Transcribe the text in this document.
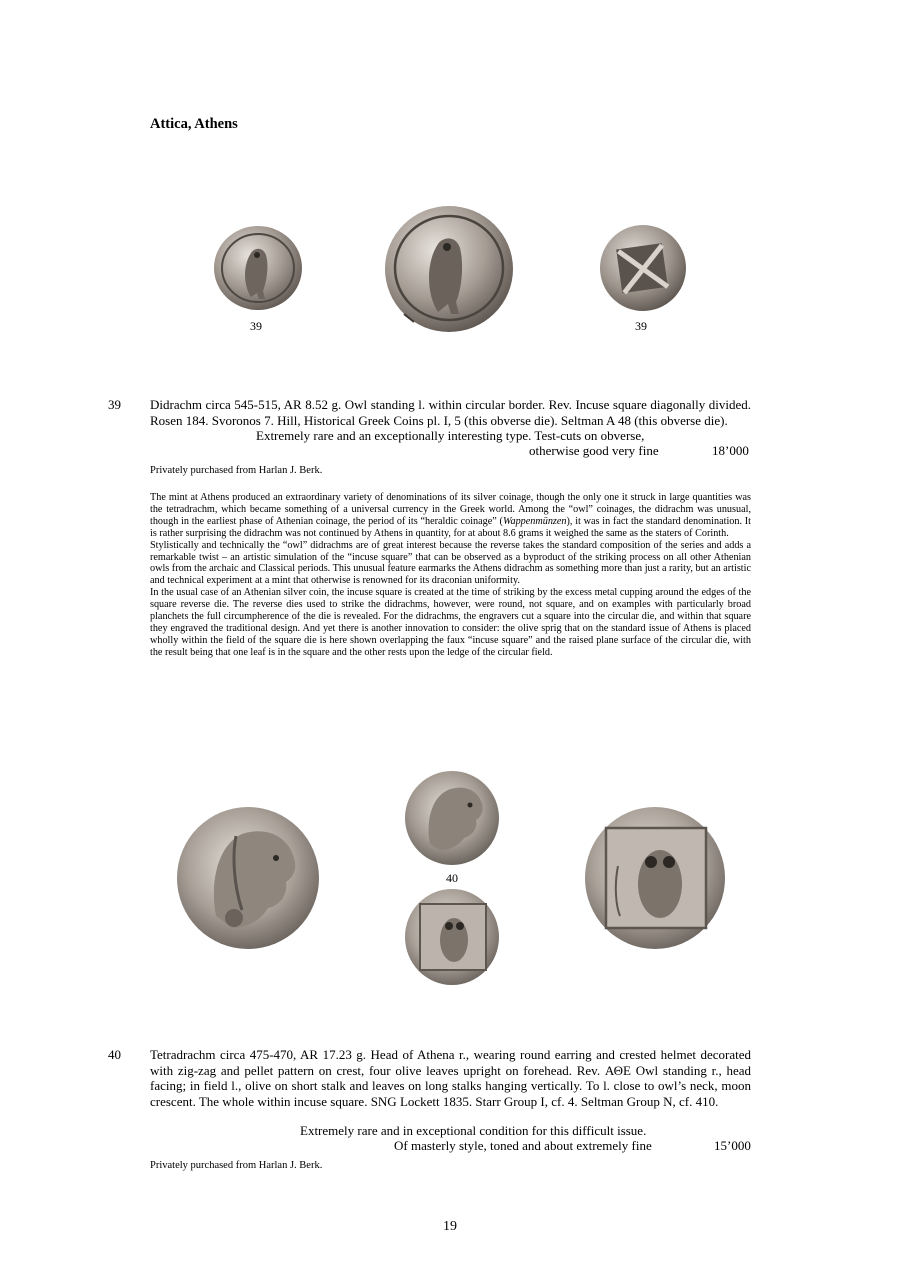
Attica, Athens
39	39
39 Didrachm circa 545-515, AR 8.52 g. Owl standing l. within circular border. Rev. Incuse square diagonally divided. Rosen 184. Svoronos 7. Hill, Historical Greek Coins pl. I, 5 (this obverse die). Seltman A 48 (this obverse die).
Extremely rare and an exceptionally interesting type. Test-cuts on obverse,
otherwise good very fine	18’000
Privately purchased from Harlan J. Berk.
The mint at Athens produced an extraordinary variety of denominations of its silver coinage, though the only one it struck in large quantities was the tetradrachm, which became something of a universal currency in the Greek world. Among the “owl” coinages, the didrachm was unusual, though in the earliest phase of Athenian coinage, the period of its “heraldic coinage” (Wappenmünzen), it was in fact the standard denomination. It is rather surprising the didrachm was not continued by Athens in quantity, for at about 8.6 grams it weighed the same as the staters of Corinth.
Stylistically and technically the “owl” didrachms are of great interest because the reverse takes the standard composition of the series and adds a remarkable twist – an artistic simulation of the “incuse square” that can be observed as a byproduct of the striking process on all other Athenian owls from the archaic and Classical periods. This unusual feature earmarks the Athens didrachm as something more than just a rarity, but an artistic and technical experiment at a mint that otherwise is renowned for its draconian uniformity.
In the usual case of an Athenian silver coin, the incuse square is created at the time of striking by the excess metal cupping around the edges of the square reverse die. The reverse dies used to strike the didrachms, however, were round, not square, and on examples with particularly broad planchets the full circumpherence of the die is revealed. For the didrachms, the engravers cut a square into the circular die, and within that square they engraved the traditional design. And yet there is another innovation to consider: the olive sprig that on the standard issue of Athens is placed wholly within the field of the square die is here shown overlapping the faux “incuse square” and the raised plane surface of the circular die, with the result being that one leaf is in the square and the other rests upon the ledge of the circular field.
40
40 Tetradrachm circa 475-470, AR 17.23 g. Head of Athena r., wearing round earring and crested helmet decorated with zig-zag and pellet pattern on crest, four olive leaves upright on forehead. Rev. ΑΘΕ Owl standing r., head facing; in field l., olive on short stalk and leaves on long stalks hanging vertically. To l. close to owl’s neck, moon crescent. The whole within incuse square. SNG Lockett 1835. Starr Group I, cf. 4. Seltman Group N, cf. 410.
Extremely rare and in exceptional condition for this difficult issue.
Of masterly style, toned and about extremely fine	15’000
Privately purchased from Harlan J. Berk.
19
